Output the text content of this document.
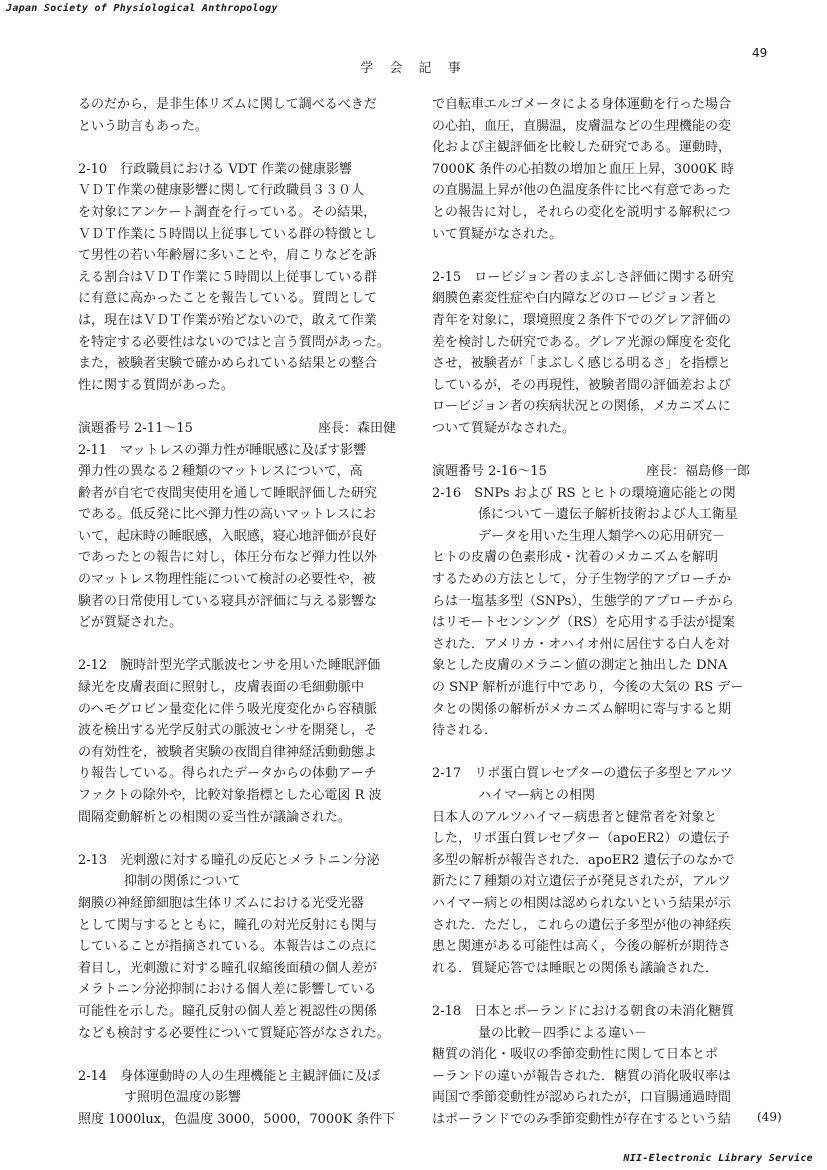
Japan Society of Physiological Anthropology
学 会 記 事
49
るのだから，是非生体リズムに関して調べるべきだ
という助言もあった。
2-10　行政職員における VDT 作業の健康影響
ＶＤＴ作業の健康影響に関して行政職員３３０人
を対象にアンケート調査を行っている。その結果，
ＶＤＴ作業に５時間以上従事している群の特徴とし
て男性の若い年齢層に多いことや，肩こりなどを訴
える割合はＶＤＴ作業に５時間以上従事している群
に有意に高かったことを報告している。質問として
は，現在はＶＤＴ作業が殆どないので，敢えて作業
を特定する必要性はないのではと言う質問があった。
また，被験者実験で確かめられている結果との整合
性に関する質問があった。
演題番号 2-11～15	座長：森田健
2-11　マットレスの弾力性が睡眠感に及ぼす影響
弾力性の異なる２種類のマットレスについて，高
齢者が自宅で夜間実使用を通して睡眠評価した研究
である。低反発に比べ弾力性の高いマットレスにお
いて，起床時の睡眠感，入眠感，寝心地評価が良好
であったとの報告に対し，体圧分布など弾力性以外
のマットレス物理性能について検討の必要性や，被
験者の日常使用している寝具が評価に与える影響な
どが質疑された。
2-12　腕時計型光学式脈波センサを用いた睡眠評価
緑光を皮膚表面に照射し，皮膚表面の毛細動脈中
のヘモグロビン量変化に伴う吸光度変化から容積脈
波を検出する光学反射式の脈波センサを開発し，そ
の有効性を，被験者実験の夜間自律神経活動動態よ
り報告している。得られたデータからの体動アーチ
ファクトの除外や，比較対象指標とした心電図 R 波
間隔変動解析との相関の妥当性が議論された。
2-13　光刺激に対する瞳孔の反応とメラトニン分泌
抑制の関係について
網膜の神経節細胞は生体リズムにおける光受光器
として関与するとともに，瞳孔の対光反射にも関与
していることが指摘されている。本報告はこの点に
着目し，光刺激に対する瞳孔収縮後面積の個人差が
メラトニン分泌抑制における個人差に影響している
可能性を示した。瞳孔反射の個人差と視認性の関係
なども検討する必要性について質疑応答がなされた。
2-14　身体運動時の人の生理機能と主観評価に及ぼ
す照明色温度の影響
照度 1000lux，色温度 3000，5000，7000K 条件下
で自転車エルゴメータによる身体運動を行った場合
の心拍，血圧，直腸温，皮膚温などの生理機能の変
化および主観評価を比較した研究である。運動時，
7000K 条件の心拍数の増加と血圧上昇，3000K 時
の直腸温上昇が他の色温度条件に比べ有意であった
との報告に対し，それらの変化を説明する解釈につ
いて質疑がなされた。
2-15　ロービジョン者のまぶしさ評価に関する研究
網膜色素変性症や白内障などのロービジョン者と
青年を対象に，環境照度２条件下でのグレア評価の
差を検討した研究である。グレア光源の輝度を変化
させ，被験者が「まぶしく感じる明るさ」を指標と
しているが，その再現性，被験者間の評価差および
ロービジョン者の疾病状況との関係，メカニズムに
ついて質疑がなされた。
演題番号 2-16～15	座長：福島修一郎
2-16　SNPs および RS とヒトの環境適応能との関
係について－遺伝子解析技術および人工衛星
データを用いた生理人類学への応用研究－
ヒトの皮膚の色素形成・沈着のメカニズムを解明
するための方法として，分子生物学的アプローチか
らは一塩基多型（SNPs），生態学的アプローチから
はリモートセンシング（RS）を応用する手法が提案
された．アメリカ・オハイオ州に居住する白人を対
象とした皮膚のメラニン値の測定と抽出した DNA
の SNP 解析が進行中であり，今後の大気の RS デー
タとの関係の解析がメカニズム解明に寄与すると期
待される．
2-17　リポ蛋白質レセプターの遺伝子多型とアルツ
ハイマー病との相関
日本人のアルツハイマー病患者と健常者を対象と
した，リポ蛋白質レセプター（apoER2）の遺伝子
多型の解析が報告された．apoER2 遺伝子のなかで
新たに７種類の対立遺伝子が発見されたが，アルツ
ハイマー病との相関は認められないという結果が示
された．ただし，これらの遺伝子多型が他の神経疾
患と関連がある可能性は高く，今後の解析が期待さ
れる．質疑応答では睡眠との関係も議論された．
2-18　日本とポーランドにおける朝食の未消化糖質
量の比較－四季による違い－
糖質の消化・吸収の季節変動性に関して日本とポ
ーランドの違いが報告された．糖質の消化吸収率は
両国で季節変動性が認められたが，口盲腸通過時間
はポーランドでのみ季節変動性が存在するという結	(49)
NII-Electronic Library Service
